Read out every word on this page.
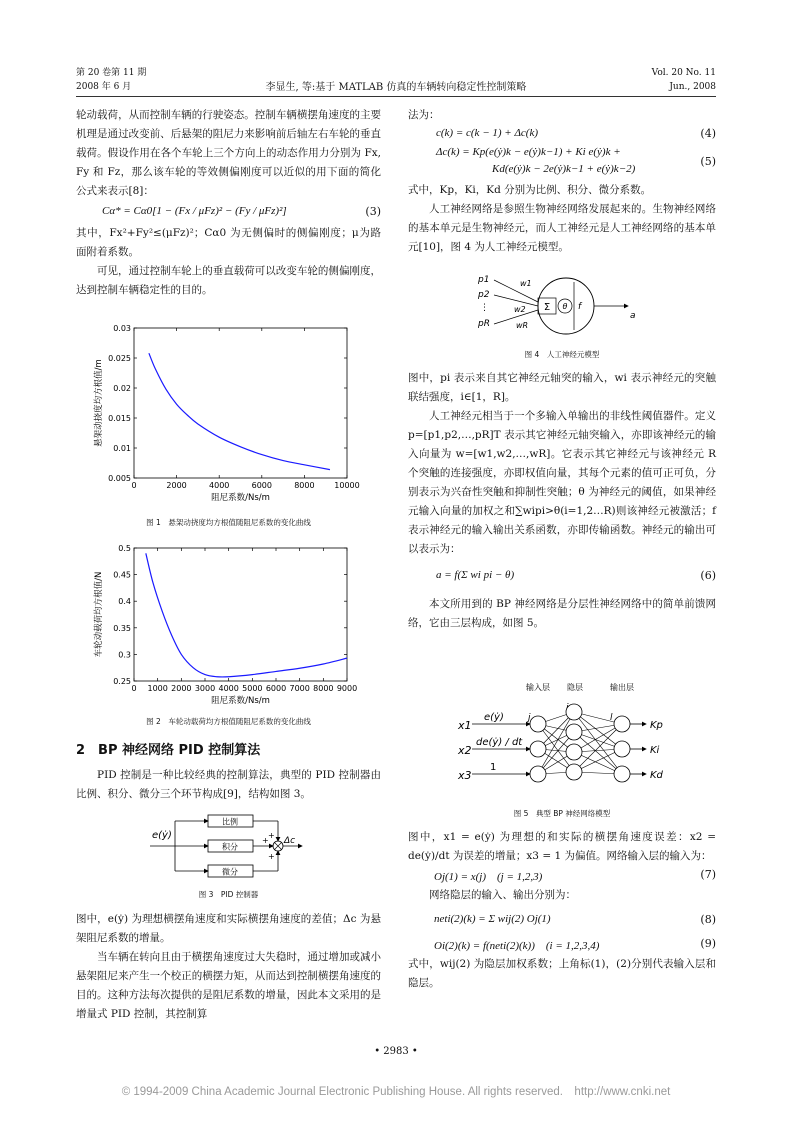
第 20 卷第 11 期
2008 年 6 月	李显生, 等:基于 MATLAB 仿真的车辆转向稳定性控制策略
Vol. 20 No. 11
Jun., 2008

轮动载荷，从而控制车辆的行驶姿态。控制车辆横摆角速度的主要机理是通过改变前、后悬架的阻尼力来影响前后轴左右车轮的垂直载荷。假设作用在各个车轮上三个方向上的动态作用力分别为 Fx, Fy 和 Fz，那么该车轮的等效侧偏刚度可以近似的用下面的简化公式来表示[8]：

Cα* = Cα0[1 − (Fx / μFz)² − (Fy / μFz)²]	(3)

其中，Fx²+Fy²≤(μFz)²；Cα0 为无侧偏时的侧偏刚度；μ为路面附着系数。

可见，通过控制车轮上的垂直载荷可以改变车轮的侧偏刚度，达到控制车辆稳定性的目的。

0	2000	4000	6000	8000 10000
0.005
0.01
0.015
0.02
0.025
0.03
阻尼系数/Ns/m
悬架动挠度均方根值/m
图 1　悬架动挠度均方根值随阻尼系数的变化曲线
0 1000 2000 3000 4000 5000 6000 7000 8000 9000
0.25
0.3
0.35
0.4
0.45
0.5
阻尼系数/Ns/m
车轮动载荷均方根值/N
图 2　车轮动载荷均方根值随阻尼系数的变化曲线
2　BP 神经网络 PID 控制算法

PID 控制是一种比较经典的控制算法，典型的 PID 控制器由比例、积分、微分三个环节构成[9]，结构如图 3。

e(ẏ)
比例
积分
微分
+
+
+
Δc
图 3　PID 控制器

图中，e(ẏ) 为理想横摆角速度和实际横摆角速度的差值；Δc 为悬架阻尼系数的增量。

当车辆在转向且由于横摆角速度过大失稳时，通过增加或减小悬架阻尼来产生一个校正的横摆力矩，从而达到控制横摆角速度的目的。这种方法每次提供的是阻尼系数的增量，因此本文采用的是增量式 PID 控制，其控制算

法为：

c(k) = c(k − 1) + Δc(k)	(4)
Δc(k) = Kp(e(ẏ)k − e(ẏ)k−1) + Ki e(ẏ)k +
Kd(e(ẏ)k − 2e(ẏ)k−1 + e(ẏ)k−2)
(5)

式中，Kp，Ki，Kd 分别为比例、积分、微分系数。

人工神经网络是参照生物神经网络发展起来的。生物神经网络的基本单元是生物神经元，而人工神经元是人工神经网络的基本单元[10]，图 4 为人工神经元模型。

p1
p2
⋮
pR
w1
w2
wR
Σ θ f
a
图 4　人工神经元模型

图中，pi 表示来自其它神经元轴突的输入，wi 表示神经元的突触联结强度，i∈[1，R]。

人工神经元相当于一个多输入单输出的非线性阈值器件。定义 p=[p1,p2,…,pR]T 表示其它神经元轴突输入，亦即该神经元的输入向量为 w=[w1,w2,…,wR]。它表示其它神经元与该神经元 R 个突触的连接强度，亦即权值向量，其每个元素的值可正可负，分别表示为兴奋性突触和抑制性突触；θ 为神经元的阈值，如果神经元输入向量的加权之和∑wipi>θ(i=1,2…R)则该神经元被激活；f 表示神经元的输入输出关系函数，亦即传输函数。神经元的输出可以表示为：

a = f(Σ wi pi − θ)	(6)

本文所用到的 BP 神经网络是分层性神经网络中的简单前馈网络，它由三层构成，如图 5。

输入层 隐层	输出层
j	l
x1
x2
x3
e(ẏ)
de(ẏ) / dt
1
Kp
Ki
Kd
图 5　典型 BP 神经网络模型

图中，x1 = e(ẏ) 为理想的和实际的横摆角速度误差：x2 = de(ẏ)/dt 为误差的增量；x3 = 1 为偏值。网络输入层的输入为：

Oj(1) = x(j)　(j = 1,2,3)	(7)

网络隐层的输入、输出分别为：

neti(2)(k) = Σ wij(2) Oj(1)	(8)
Oi(2)(k) = f(neti(2)(k))　(i = 1,2,3,4)	(9)

式中，wij(2) 为隐层加权系数；上角标(1)，(2)分别代表输入层和隐层。

• 2983 •
© 1994-2009 China Academic Journal Electronic Publishing House. All rights reserved.　http://www.cnki.net
